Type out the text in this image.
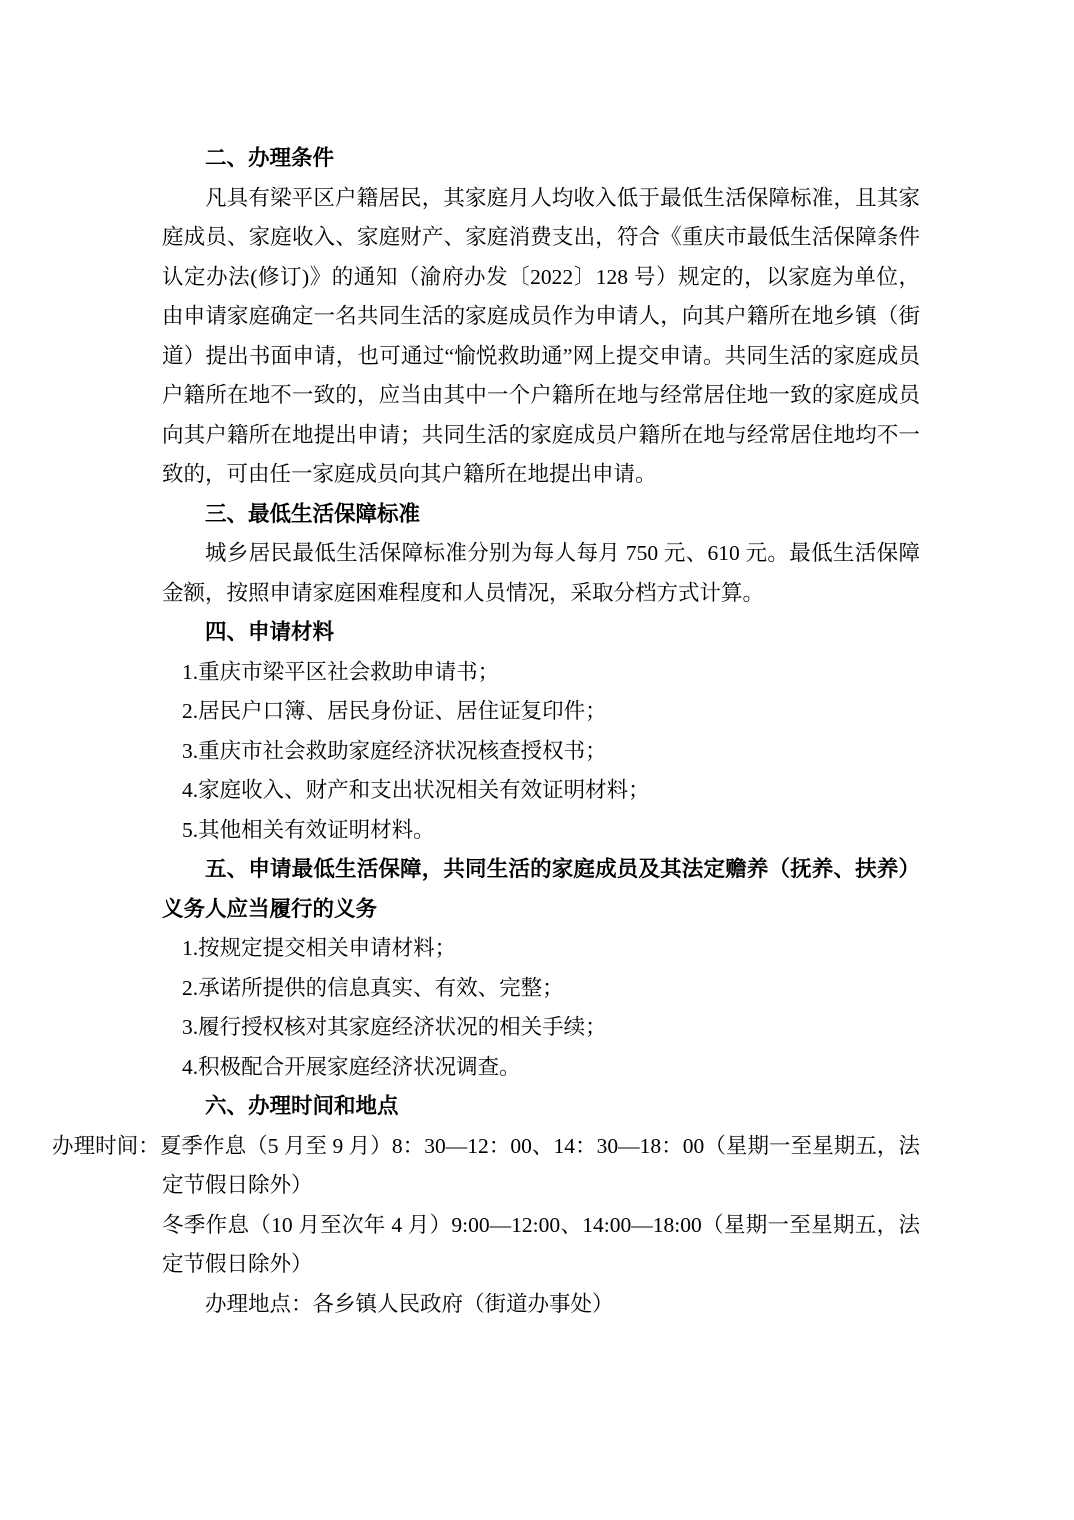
二、办理条件

凡具有梁平区户籍居民，其家庭月人均收入低于最低生活保障标准，且其家庭成员、家庭收入、家庭财产、家庭消费支出，符合《重庆市最低生活保障条件认定办法(修订)》的通知（渝府办发〔2022〕128 号）规定的，以家庭为单位，由申请家庭确定一名共同生活的家庭成员作为申请人，向其户籍所在地乡镇（街道）提出书面申请，也可通过“愉悦救助通”网上提交申请。共同生活的家庭成员户籍所在地不一致的，应当由其中一个户籍所在地与经常居住地一致的家庭成员向其户籍所在地提出申请；共同生活的家庭成员户籍所在地与经常居住地均不一致的，可由任一家庭成员向其户籍所在地提出申请。

三、最低生活保障标准

城乡居民最低生活保障标准分别为每人每月 750 元、610 元。最低生活保障金额，按照申请家庭困难程度和人员情况，采取分档方式计算。

四、申请材料

1.重庆市梁平区社会救助申请书；

2.居民户口簿、居民身份证、居住证复印件；

3.重庆市社会救助家庭经济状况核查授权书；

4.家庭收入、财产和支出状况相关有效证明材料；

5.其他相关有效证明材料。

五、申请最低生活保障，共同生活的家庭成员及其法定赡养（抚养、扶养）义务人应当履行的义务

1.按规定提交相关申请材料；

2.承诺所提供的信息真实、有效、完整；

3.履行授权核对其家庭经济状况的相关手续；

4.积极配合开展家庭经济状况调查。

六、办理时间和地点

办理时间：夏季作息（5 月至 9 月）8：30—12：00、14：30—18：00（星期一至星期五，法定节假日除外）

冬季作息（10 月至次年 4 月）9:00—12:00、14:00—18:00（星期一至星期五，法定节假日除外）

办理地点：各乡镇人民政府（街道办事处）
